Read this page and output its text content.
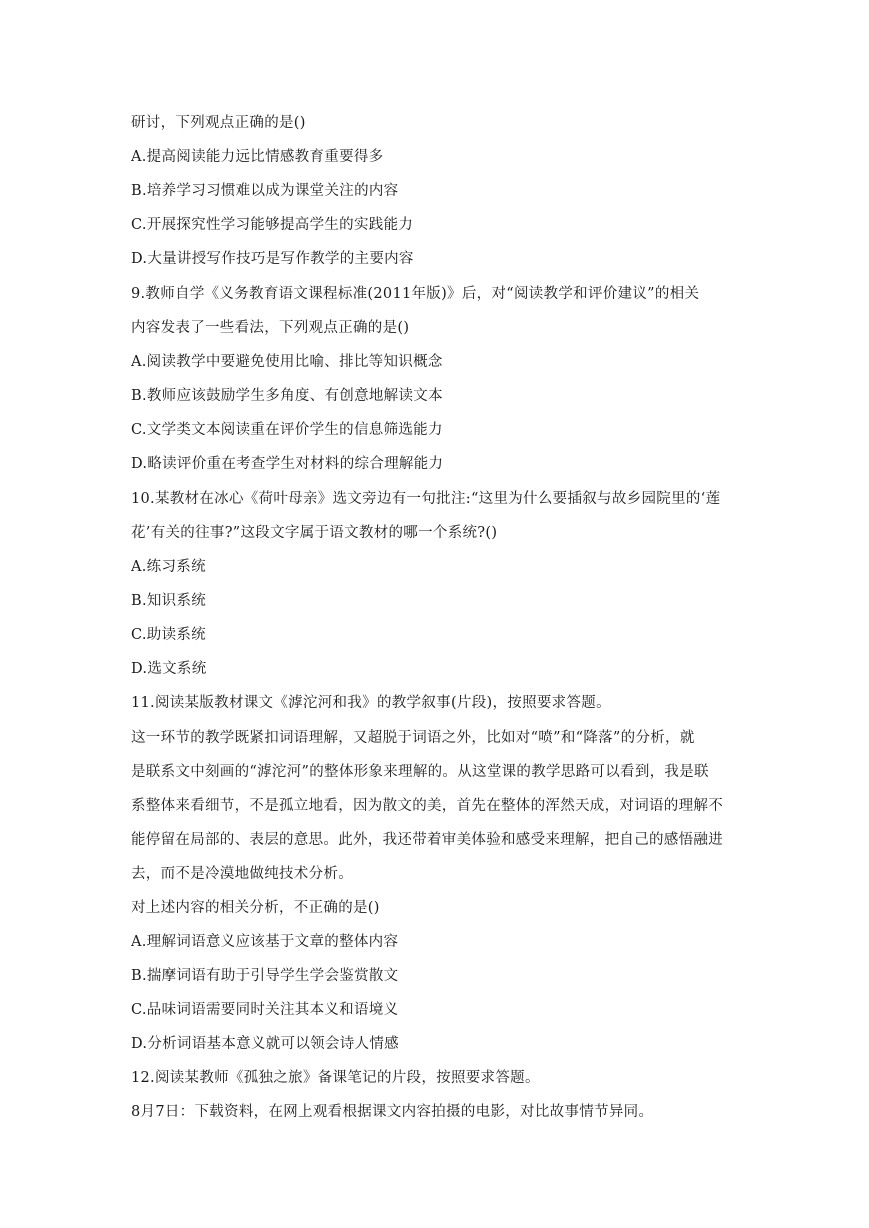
研讨，下列观点正确的是()
A.提高阅读能力远比情感教育重要得多
B.培养学习习惯难以成为课堂关注的内容
C.开展探究性学习能够提高学生的实践能力
D.大量讲授写作技巧是写作教学的主要内容
9.教师自学《义务教育语文课程标准(2011年版)》后，对“阅读教学和评价建议”的相关
内容发表了一些看法，下列观点正确的是()
A.阅读教学中要避免使用比喻、排比等知识概念
B.教师应该鼓励学生多角度、有创意地解读文本
C.文学类文本阅读重在评价学生的信息筛选能力
D.略读评价重在考查学生对材料的综合理解能力
10.某教材在冰心《荷叶母亲》选文旁边有一句批注:“这里为什么要插叙与故乡园院里的‘莲
花’有关的往事?”这段文字属于语文教材的哪一个系统?()
A.练习系统
B.知识系统
C.助读系统
D.选文系统
11.阅读某版教材课文《滹沱河和我》的教学叙事(片段)，按照要求答题。
这一环节的教学既紧扣词语理解，又超脱于词语之外，比如对“喷”和“降落”的分析，就
是联系文中刻画的“滹沱河”的整体形象来理解的。从这堂课的教学思路可以看到，我是联
系整体来看细节，不是孤立地看，因为散文的美，首先在整体的浑然天成，对词语的理解不
能停留在局部的、表层的意思。此外，我还带着审美体验和感受来理解，把自己的感悟融进
去，而不是冷漠地做纯技术分析。
对上述内容的相关分析，不正确的是()
A.理解词语意义应该基于文章的整体内容
B.揣摩词语有助于引导学生学会鉴赏散文
C.品味词语需要同时关注其本义和语境义
D.分析词语基本意义就可以领会诗人情感
12.阅读某教师《孤独之旅》备课笔记的片段，按照要求答题。
8月7日：下载资料，在网上观看根据课文内容拍摄的电影，对比故事情节异同。
